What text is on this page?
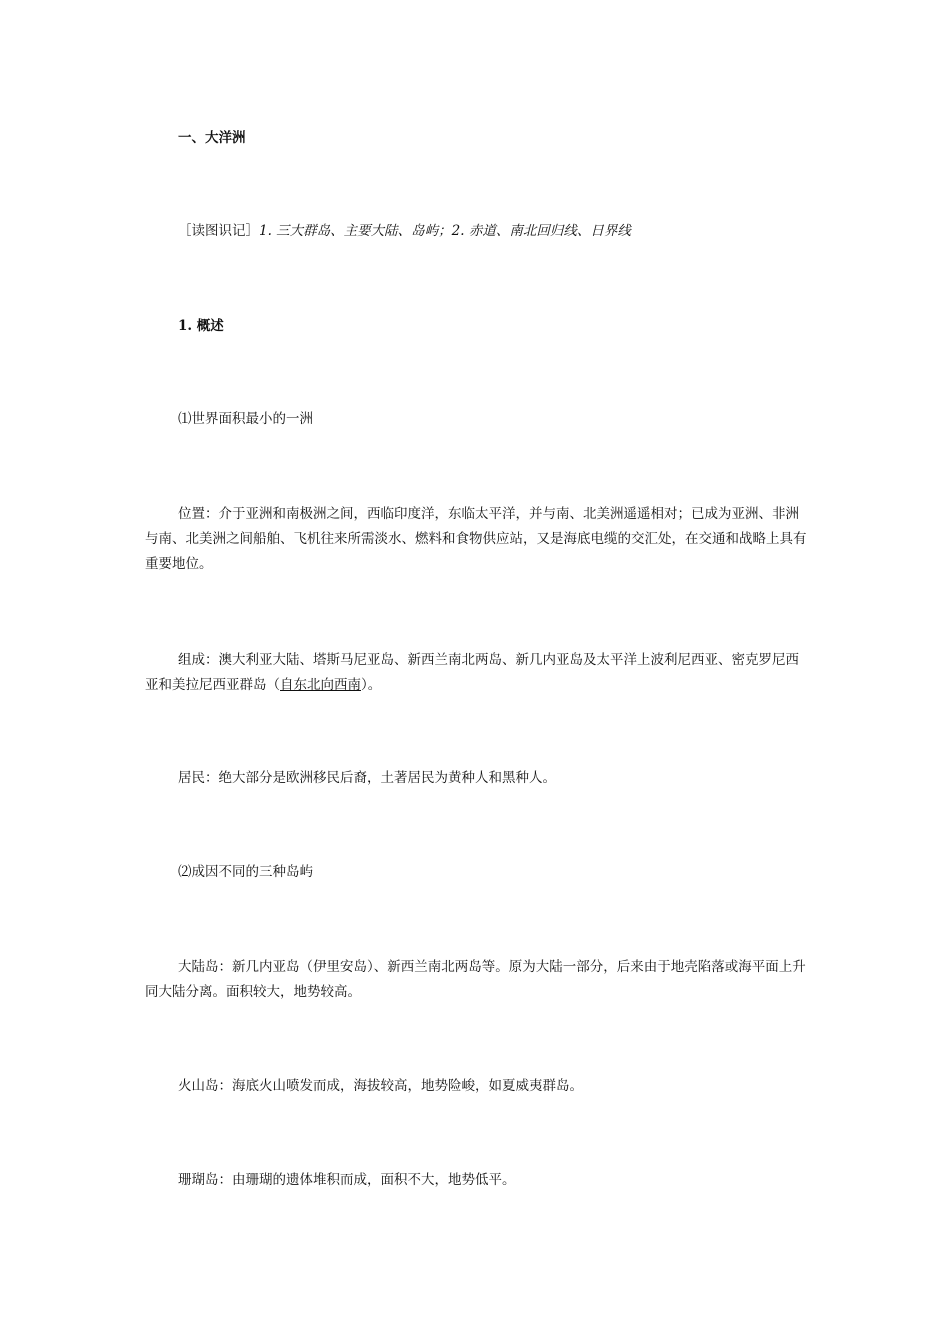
一、大洋洲

［读图识记］1. 三大群岛、主要大陆、岛屿；2. 赤道、南北回归线、日界线

1. 概述

⑴世界面积最小的一洲

位置：介于亚洲和南极洲之间，西临印度洋，东临太平洋，并与南、北美洲遥遥相对；已成为亚洲、非洲与南、北美洲之间船舶、飞机往来所需淡水、燃料和食物供应站，又是海底电缆的交汇处，在交通和战略上具有重要地位。

组成：澳大利亚大陆、塔斯马尼亚岛、新西兰南北两岛、新几内亚岛及太平洋上波利尼西亚、密克罗尼西亚和美拉尼西亚群岛（自东北向西南）。

居民：绝大部分是欧洲移民后裔，土著居民为黄种人和黑种人。

⑵成因不同的三种岛屿

大陆岛：新几内亚岛（伊里安岛）、新西兰南北两岛等。原为大陆一部分，后来由于地壳陷落或海平面上升同大陆分离。面积较大，地势较高。

火山岛：海底火山喷发而成，海拔较高，地势险峻，如夏威夷群岛。

珊瑚岛：由珊瑚的遗体堆积而成，面积不大，地势低平。
